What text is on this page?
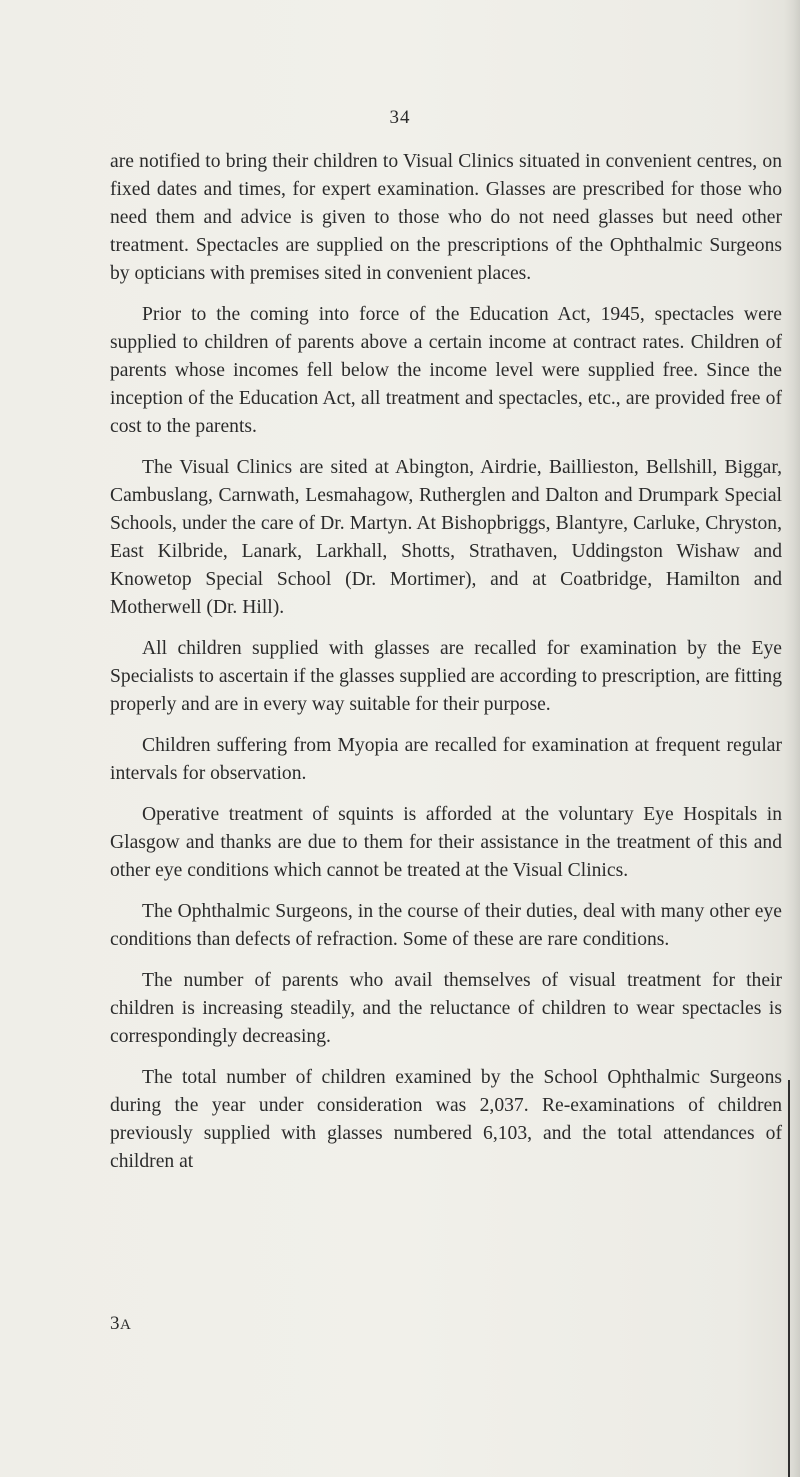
34

are notified to bring their children to Visual Clinics situated in convenient centres, on fixed dates and times, for expert examination. Glasses are prescribed for those who need them and advice is given to those who do not need glasses but need other treatment. Spectacles are supplied on the prescriptions of the Ophthalmic Surgeons by opticians with premises sited in convenient places.

Prior to the coming into force of the Education Act, 1945, spectacles were supplied to children of parents above a certain income at contract rates. Children of parents whose incomes fell below the income level were supplied free. Since the inception of the Education Act, all treatment and spectacles, etc., are provided free of cost to the parents.

The Visual Clinics are sited at Abington, Airdrie, Baillieston, Bellshill, Biggar, Cambuslang, Carnwath, Lesmahagow, Rutherglen and Dalton and Drumpark Special Schools, under the care of Dr. Martyn. At Bishopbriggs, Blantyre, Carluke, Chryston, East Kilbride, Lanark, Larkhall, Shotts, Strathaven, Uddingston Wishaw and Knowetop Special School (Dr. Mortimer), and at Coatbridge, Hamilton and Motherwell (Dr. Hill).

All children supplied with glasses are recalled for examination by the Eye Specialists to ascertain if the glasses supplied are according to prescription, are fitting properly and are in every way suitable for their purpose.

Children suffering from Myopia are recalled for examination at frequent regular intervals for observation.

Operative treatment of squints is afforded at the voluntary Eye Hospitals in Glasgow and thanks are due to them for their assistance in the treatment of this and other eye conditions which cannot be treated at the Visual Clinics.

The Ophthalmic Surgeons, in the course of their duties, deal with many other eye conditions than defects of refraction. Some of these are rare conditions.

The number of parents who avail themselves of visual treatment for their children is increasing steadily, and the reluctance of children to wear spectacles is correspondingly decreasing.

The total number of children examined by the School Ophthalmic Surgeons during the year under consideration was 2,037. Re-examinations of children previously supplied with glasses numbered 6,103, and the total attendances of children at

3A
